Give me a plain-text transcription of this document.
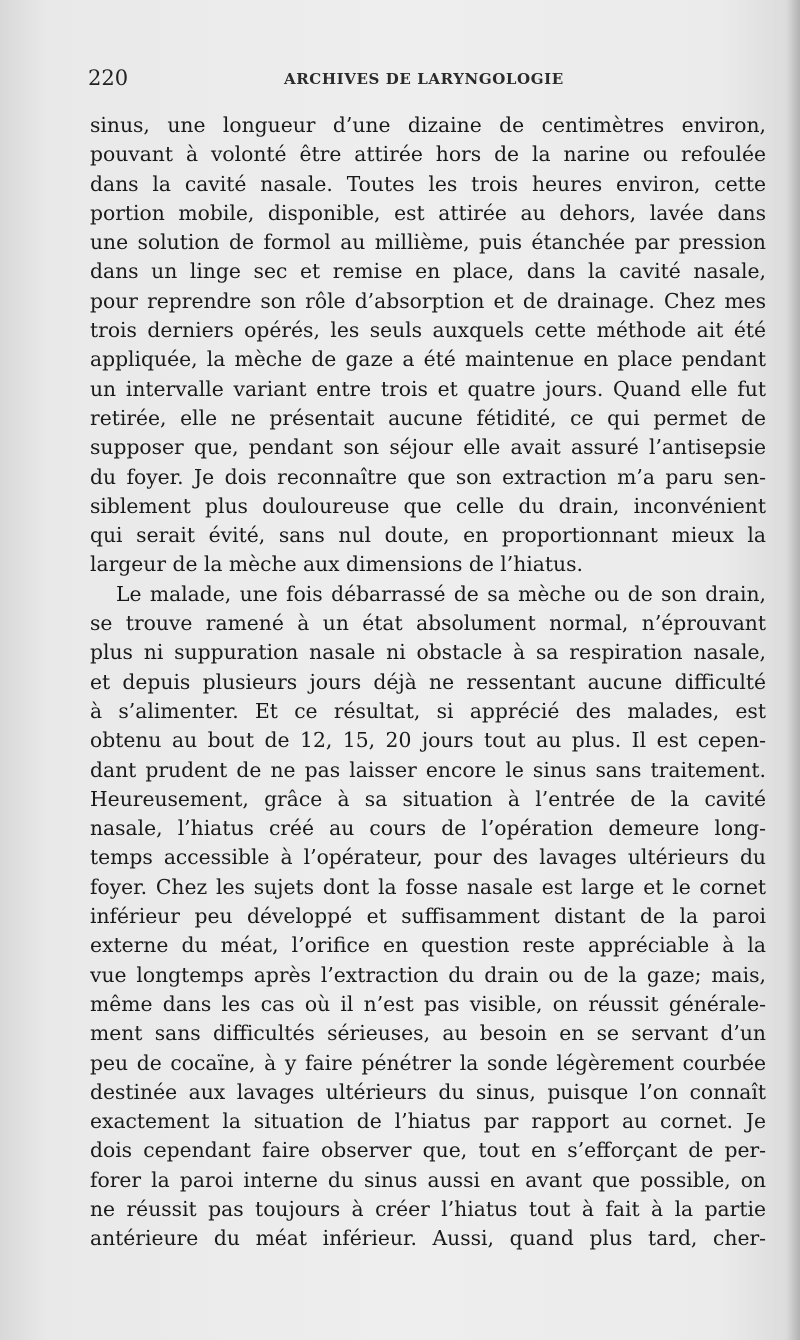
220	ARCHIVES DE LARYNGOLOGIE
sinus, une longueur d’une dizaine de centimètres environ,
pouvant à volonté être attirée hors de la narine ou refoulée
dans la cavité nasale. Toutes les trois heures environ, cette
portion mobile, disponible, est attirée au dehors, lavée dans
une solution de formol au millième, puis étanchée par pression
dans un linge sec et remise en place, dans la cavité nasale,
pour reprendre son rôle d’absorption et de drainage. Chez mes
trois derniers opérés, les seuls auxquels cette méthode ait été
appliquée, la mèche de gaze a été maintenue en place pendant
un intervalle variant entre trois et quatre jours. Quand elle fut
retirée, elle ne présentait aucune fétidité, ce qui permet de
supposer que, pendant son séjour elle avait assuré l’antisepsie
du foyer. Je dois reconnaître que son extraction m’a paru sen-
siblement plus douloureuse que celle du drain, inconvénient
qui serait évité, sans nul doute, en proportionnant mieux la
largeur de la mèche aux dimensions de l’hiatus.
Le malade, une fois débarrassé de sa mèche ou de son drain,
se trouve ramené à un état absolument normal, n’éprouvant
plus ni suppuration nasale ni obstacle à sa respiration nasale,
et depuis plusieurs jours déjà ne ressentant aucune difficulté
à s’alimenter. Et ce résultat, si apprécié des malades, est
obtenu au bout de 12, 15, 20 jours tout au plus. Il est cepen-
dant prudent de ne pas laisser encore le sinus sans traitement.
Heureusement, grâce à sa situation à l’entrée de la cavité
nasale, l’hiatus créé au cours de l’opération demeure long-
temps accessible à l’opérateur, pour des lavages ultérieurs du
foyer. Chez les sujets dont la fosse nasale est large et le cornet
inférieur peu développé et suffisamment distant de la paroi
externe du méat, l’orifice en question reste appréciable à la
vue longtemps après l’extraction du drain ou de la gaze; mais,
même dans les cas où il n’est pas visible, on réussit générale-
ment sans difficultés sérieuses, au besoin en se servant d’un
peu de cocaïne, à y faire pénétrer la sonde légèrement courbée
destinée aux lavages ultérieurs du sinus, puisque l’on connaît
exactement la situation de l’hiatus par rapport au cornet. Je
dois cependant faire observer que, tout en s’efforçant de per-
forer la paroi interne du sinus aussi en avant que possible, on
ne réussit pas toujours à créer l’hiatus tout à fait à la partie
antérieure du méat inférieur. Aussi, quand plus tard, cher-
